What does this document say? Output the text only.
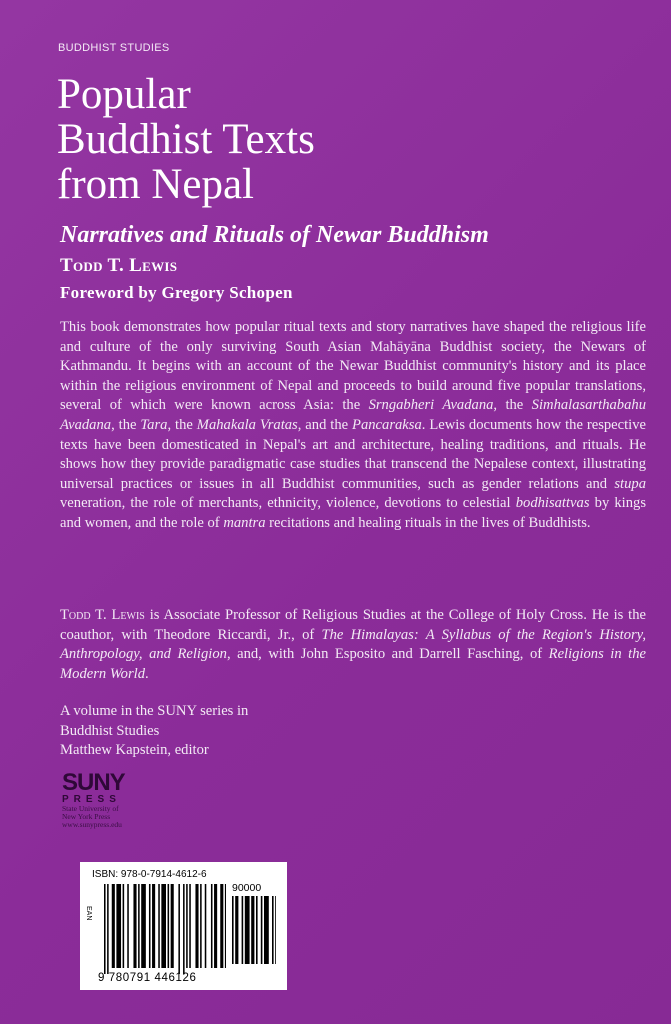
BUDDHIST STUDIES
Popular
Buddhist Texts
from Nepal
Narratives and Rituals of Newar Buddhism
Todd T. Lewis
Foreword by Gregory Schopen

This book demonstrates how popular ritual texts and story narratives have shaped the religious life and culture of the only surviving South Asian Mahāyāna Buddhist society, the Newars of Kathmandu. It begins with an account of the Newar Buddhist community's history and its place within the religious environment of Nepal and proceeds to build around five popular translations, several of which were known across Asia: the Srngabheri Avadana, the Simhalasarthabahu Avadana, the Tara, the Mahakala Vratas, and the Pancaraksa. Lewis documents how the respective texts have been domesticated in Nepal's art and architecture, healing traditions, and rituals. He shows how they provide paradigmatic case studies that transcend the Nepalese context, illustrating universal practices or issues in all Buddhist communities, such as gender relations and stupa veneration, the role of merchants, ethnicity, violence, devotions to celestial bodhisattvas by kings and women, and the role of mantra recitations and healing rituals in the lives of Buddhists.

Todd T. Lewis is Associate Professor of Religious Studies at the College of Holy Cross. He is the coauthor, with Theodore Riccardi, Jr., of The Himalayas: A Syllabus of the Region's History, Anthropology, and Religion, and, with John Esposito and Darrell Fasching, of Religions in the Modern World.

A volume in the SUNY series in
Buddhist Studies
Matthew Kapstein, editor
SUNY
PRESS
State University of
New York Press
www.sunypress.edu
ISBN: 978-0-7914-4612-6
EAN
90000
9 780791 446126
